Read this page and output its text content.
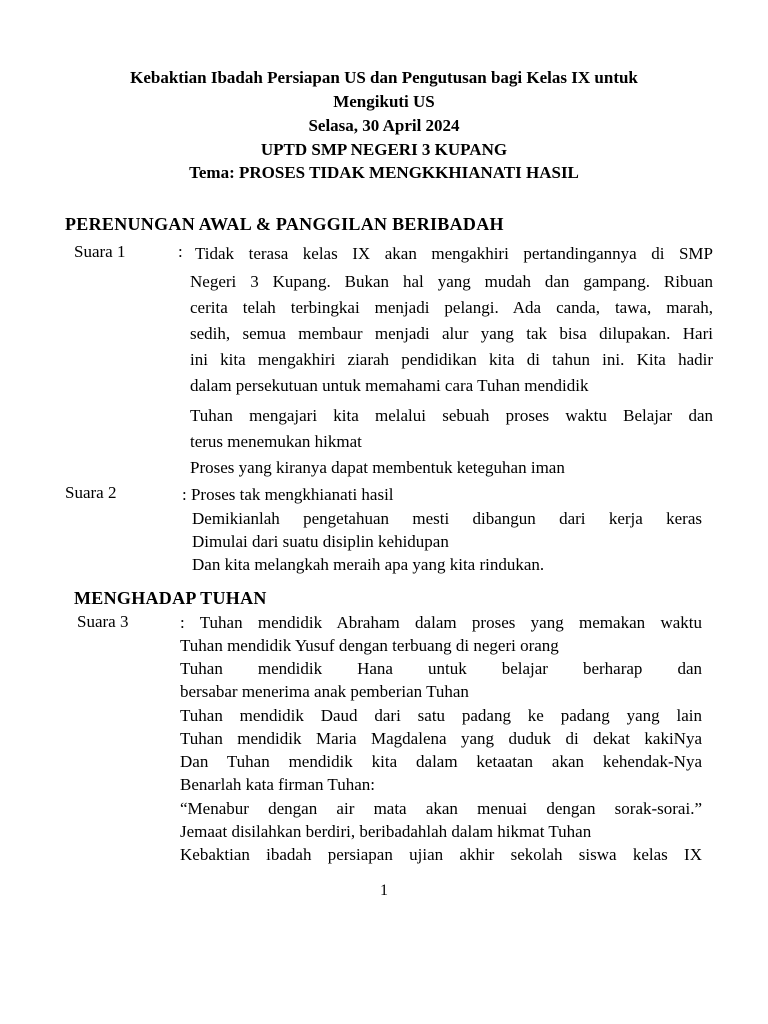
Kebaktian Ibadah Persiapan US dan Pengutusan bagi Kelas IX untuk
Mengikuti US
Selasa, 30 April 2024
UPTD SMP NEGERI 3 KUPANG
Tema: PROSES TIDAK MENGKKHIANATI HASIL
PERENUNGAN AWAL & PANGGILAN BERIBADAH
Suara 1	: Tidak terasa kelas IX akan mengakhiri pertandingannya di SMP
Negeri 3 Kupang. Bukan hal yang mudah dan gampang. Ribuan
cerita telah terbingkai menjadi pelangi. Ada canda, tawa, marah,
sedih, semua membaur menjadi alur yang tak bisa dilupakan. Hari
ini kita mengakhiri ziarah pendidikan kita di tahun ini. Kita hadir
dalam persekutuan untuk memahami cara Tuhan mendidik
Tuhan mengajari kita melalui sebuah proses waktu Belajar dan
terus menemukan hikmat
Proses yang kiranya dapat membentuk keteguhan iman
Suara 2	: Proses tak mengkhianati hasil
Demikianlah pengetahuan mesti dibangun dari kerja keras
Dimulai dari suatu disiplin kehidupan
Dan kita melangkah meraih apa yang kita rindukan.
MENGHADAP TUHAN
Suara 3	: Tuhan mendidik Abraham dalam proses yang memakan waktu
Tuhan mendidik Yusuf dengan terbuang di negeri orang
Tuhan mendidik Hana untuk belajar berharap dan
bersabar menerima anak pemberian Tuhan
Tuhan mendidik Daud dari satu padang ke padang yang lain
Tuhan mendidik Maria Magdalena yang duduk di dekat kakiNya
Dan Tuhan mendidik kita dalam ketaatan akan kehendak-Nya
Benarlah kata firman Tuhan:
“Menabur dengan air mata akan menuai dengan sorak-sorai.”
Jemaat disilahkan berdiri, beribadahlah dalam hikmat Tuhan
Kebaktian ibadah persiapan ujian akhir sekolah siswa kelas IX
1
